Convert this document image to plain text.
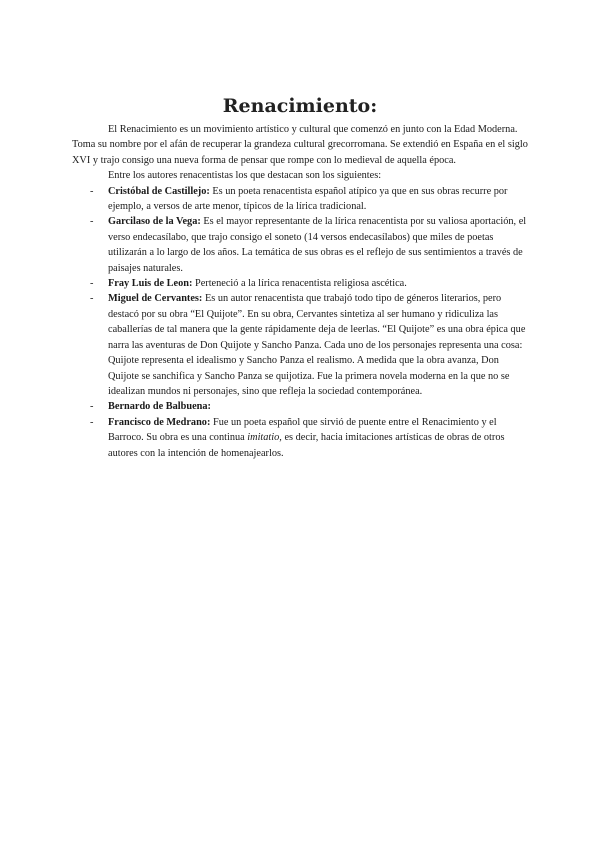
Renacimiento:

El Renacimiento es un movimiento artístico y cultural que comenzó en junto con la Edad Moderna. Toma su nombre por el afán de recuperar la grandeza cultural grecorromana. Se extendió en España en el siglo XVI y trajo consigo una nueva forma de pensar que rompe con lo medieval de aquella época.

Entre los autores renacentistas los que destacan son los siguientes:

- Cristóbal de Castillejo: Es un poeta renacentista español atípico ya que en sus obras recurre por ejemplo, a versos de arte menor, típicos de la lírica tradicional.
- Garcilaso de la Vega: Es el mayor representante de la lírica renacentista por su valiosa aportación, el verso endecasílabo, que trajo consigo el soneto (14 versos endecasílabos) que miles de poetas utilizarán a lo largo de los años. La temática de sus obras es el reflejo de sus sentimientos a través de paisajes naturales.
- Fray Luis de Leon: Perteneció a la lírica renacentista religiosa ascética.
- Miguel de Cervantes: Es un autor renacentista que trabajó todo tipo de géneros literarios, pero destacó por su obra “El Quijote”. En su obra, Cervantes sintetiza al ser humano y ridiculiza las caballerías de tal manera que la gente rápidamente deja de leerlas. “El Quijote” es una obra épica que narra las aventuras de Don Quijote y Sancho Panza. Cada uno de los personajes representa una cosa: Quijote representa el idealismo y Sancho Panza el realismo. A medida que la obra avanza, Don Quijote se sanchifica y Sancho Panza se quijotiza. Fue la primera novela moderna en la que no se idealizan mundos ni personajes, sino que refleja la sociedad contemporánea.
- Bernardo de Balbuena:
- Francisco de Medrano: Fue un poeta español que sirvió de puente entre el Renacimiento y el Barroco. Su obra es una continua imitatio, es decir, hacia imitaciones artísticas de obras de otros autores con la intención de homenajearlos.
